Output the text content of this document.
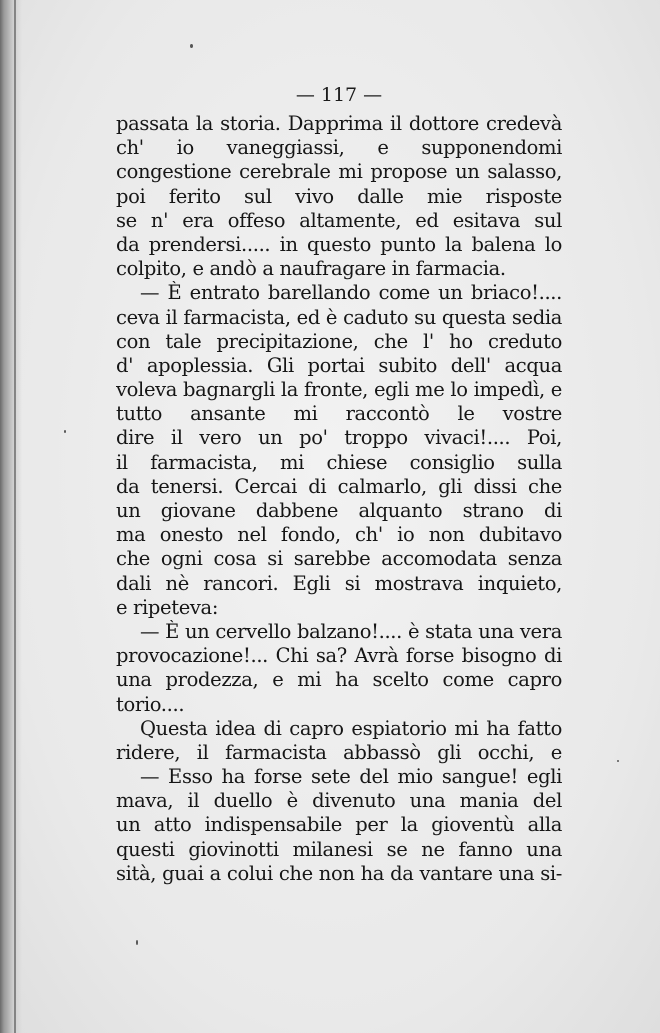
— 117 —
passata la storia. Dapprima il dottore credevà
ch' io vaneggiassi, e supponendomi
congestione cerebrale mi propose un salasso,
poi ferito sul vivo dalle mie risposte
se n' era offeso altamente, ed esitava sul
da prendersi..... in questo punto la balena lo
colpito, e andò a naufragare in farmacia.
— È entrato barellando come un briaco!....
ceva il farmacista, ed è caduto su questa sedia
con tale precipitazione, che l' ho creduto
d' apoplessia. Gli portai subito dell' acqua
voleva bagnargli la fronte, egli me lo impedì, e
tutto ansante mi raccontò le vostre
dire il vero un po' troppo vivaci!.... Poi,
il farmacista, mi chiese consiglio sulla
da tenersi. Cercai di calmarlo, gli dissi che
un giovane dabbene alquanto strano di
ma onesto nel fondo, ch' io non dubitavo
che ogni cosa si sarebbe accomodata senza
dali nè rancori. Egli si mostrava inquieto,
e ripeteva:
— È un cervello balzano!.... è stata una vera
provocazione!... Chi sa? Avrà forse bisogno di
una prodezza, e mi ha scelto come capro
torio....
Questa idea di capro espiatorio mi ha fatto
ridere, il farmacista abbassò gli occhi, e
— Esso ha forse sete del mio sangue! egli
mava, il duello è divenuto una mania del
un atto indispensabile per la gioventù alla
questi giovinotti milanesi se ne fanno una
sità, guai a colui che non ha da vantare una si-
